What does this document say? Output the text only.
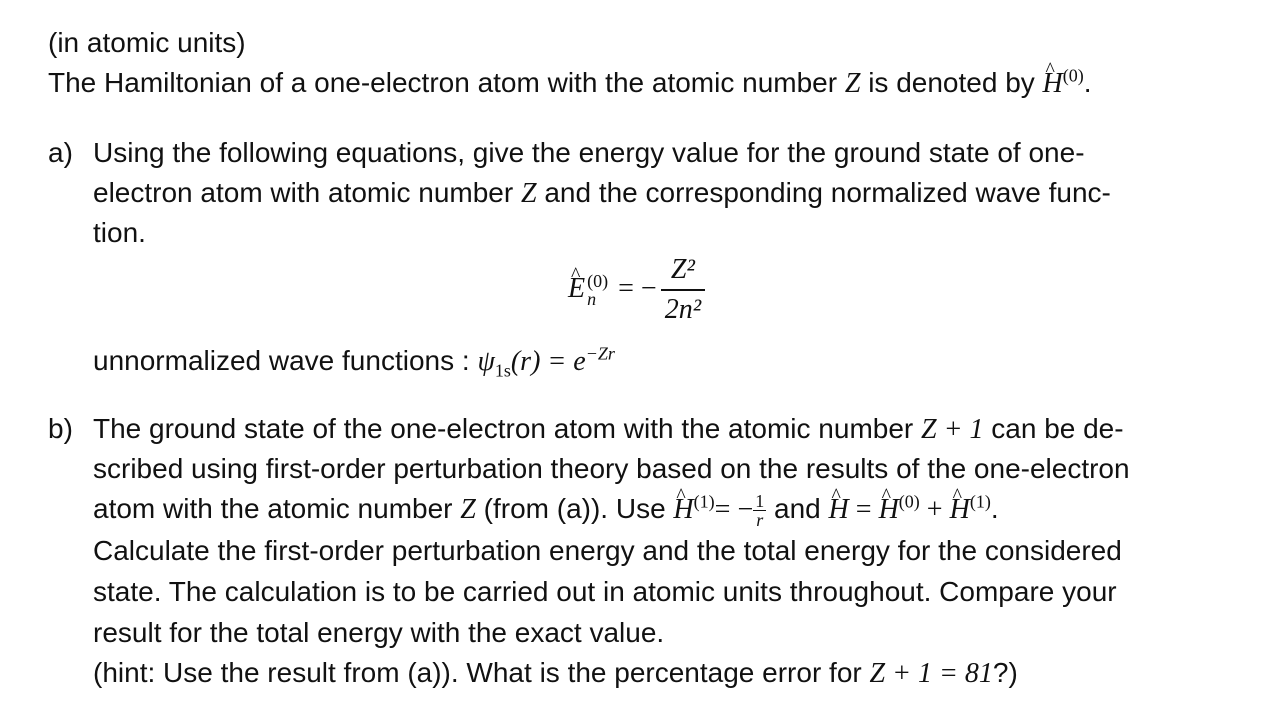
(in atomic units)
The Hamiltonian of a one-electron atom with the atomic number Z is denoted by ^ $H^{(0)}$.
a) Using the following equations, give the energy value for the ground state of one-
electron atom with atomic number Z and the corresponding normalized wave func-
tion.
^ E (0)
n = − $\frac{\text{Z²}}{\text{2n²}}$
unnormalized wave functions : $\psi_{1s}(r) = e^{-Zr}$
b) The ground state of the one-electron atom with the atomic number Z + 1 can be de-
scribed using first-order perturbation theory based on the results of the one-electron
atom with the atomic number Z (from (a)). Use ^ $H^{(1)}= - \frac{1}{r}$ and ^ H = ^ $H^{(0)}$ + ^ $H^{(1)}$.
Calculate the first-order perturbation energy and the total energy for the considered
state. The calculation is to be carried out in atomic units throughout. Compare your
result for the total energy with the exact value.
(hint: Use the result from (a)). What is the percentage error for Z + 1 = 81?)
